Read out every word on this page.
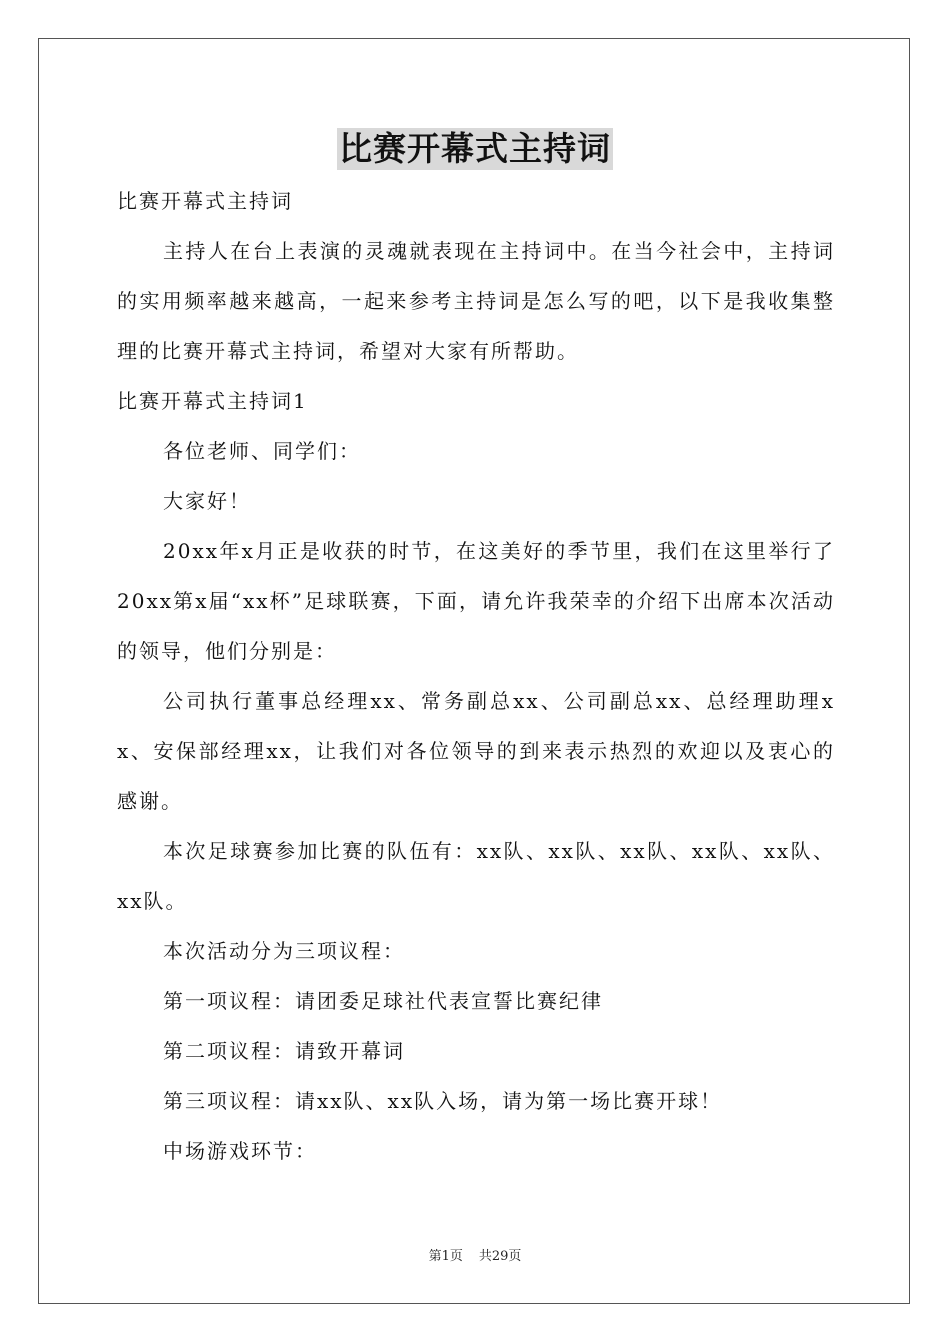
比赛开幕式主持词

比赛开幕式主持词

主持人在台上表演的灵魂就表现在主持词中。在当今社会中，主持词的实用频率越来越高，一起来参考主持词是怎么写的吧，以下是我收集整理的比赛开幕式主持词，希望对大家有所帮助。

比赛开幕式主持词1

各位老师、同学们：

大家好！

20xx年x月正是收获的时节，在这美好的季节里，我们在这里举行了20xx第x届“xx杯”足球联赛，下面，请允许我荣幸的介绍下出席本次活动的领导，他们分别是：

公司执行董事总经理xx、常务副总xx、公司副总xx、总经理助理xx、安保部经理xx，让我们对各位领导的到来表示热烈的欢迎以及衷心的感谢。

本次足球赛参加比赛的队伍有：xx队、xx队、xx队、xx队、xx队、xx队。

本次活动分为三项议程：

第一项议程：请团委足球社代表宣誓比赛纪律

第二项议程：请致开幕词

第三项议程：请xx队、xx队入场，请为第一场比赛开球！

中场游戏环节：

第1页 共29页
